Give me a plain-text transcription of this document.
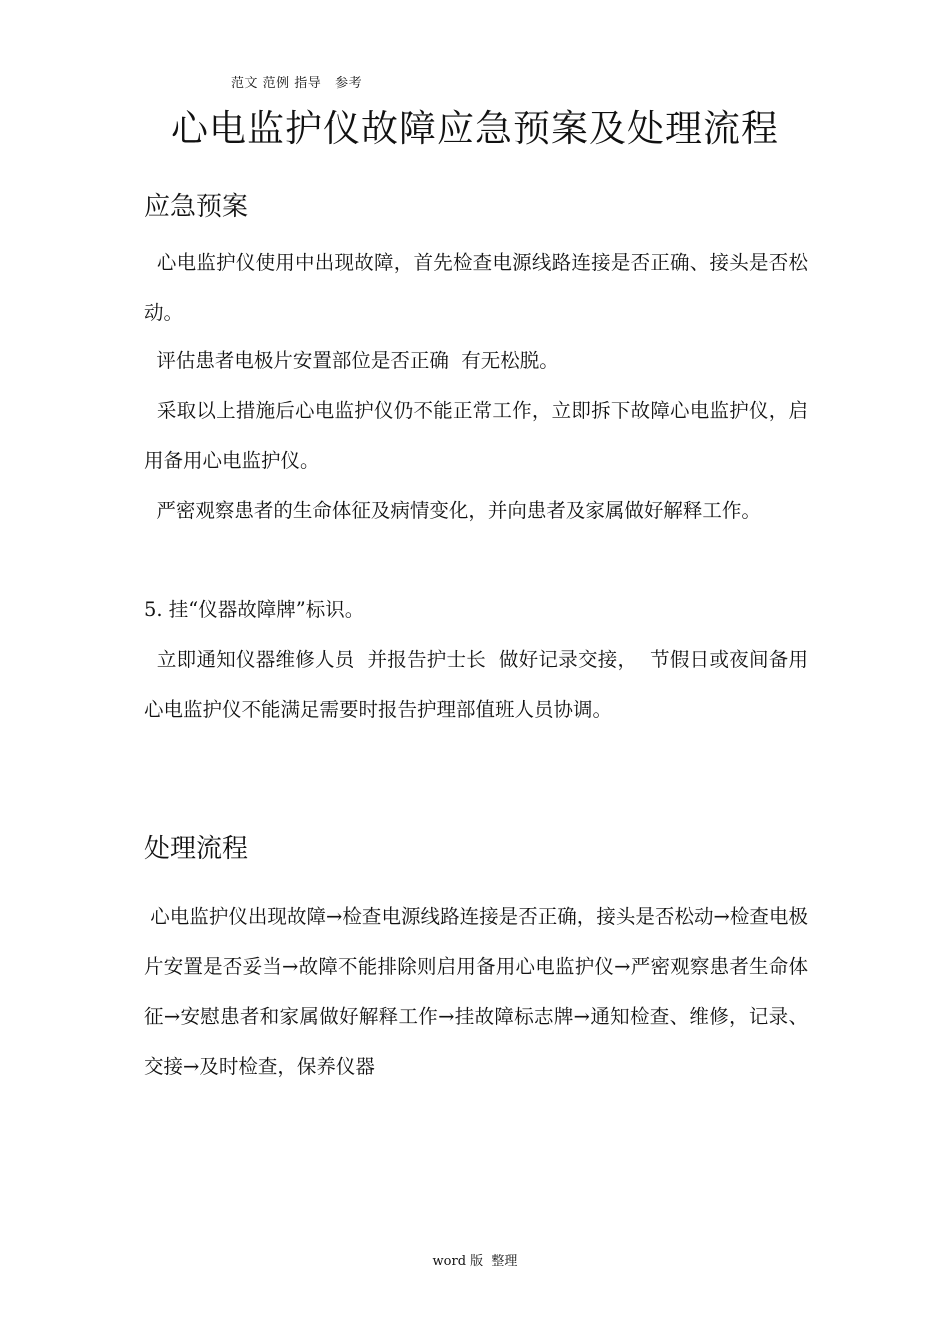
范文 范例 指导   参考
心电监护仪故障应急预案及处理流程
应急预案

心电监护仪使用中出现故障，首先检查电源线路连接是否正确、接头是否松动。

评估患者电极片安置部位是否正确  有无松脱。

采取以上措施后心电监护仪仍不能正常工作，立即拆下故障心电监护仪，启用备用心电监护仪。

严密观察患者的生命体征及病情变化，并向患者及家属做好解释工作。

5. 挂“仪器故障牌”标识。

立即通知仪器维修人员  并报告护士长  做好记录交接，  节假日或夜间备用心电监护仪不能满足需要时报告护理部值班人员协调。

处理流程

心电监护仪出现故障→检查电源线路连接是否正确，接头是否松动→检查电极片安置是否妥当→故障不能排除则启用备用心电监护仪→严密观察患者生命体征→安慰患者和家属做好解释工作→挂故障标志牌→通知检查、维修，记录、交接→及时检查，保养仪器

word 版  整理
